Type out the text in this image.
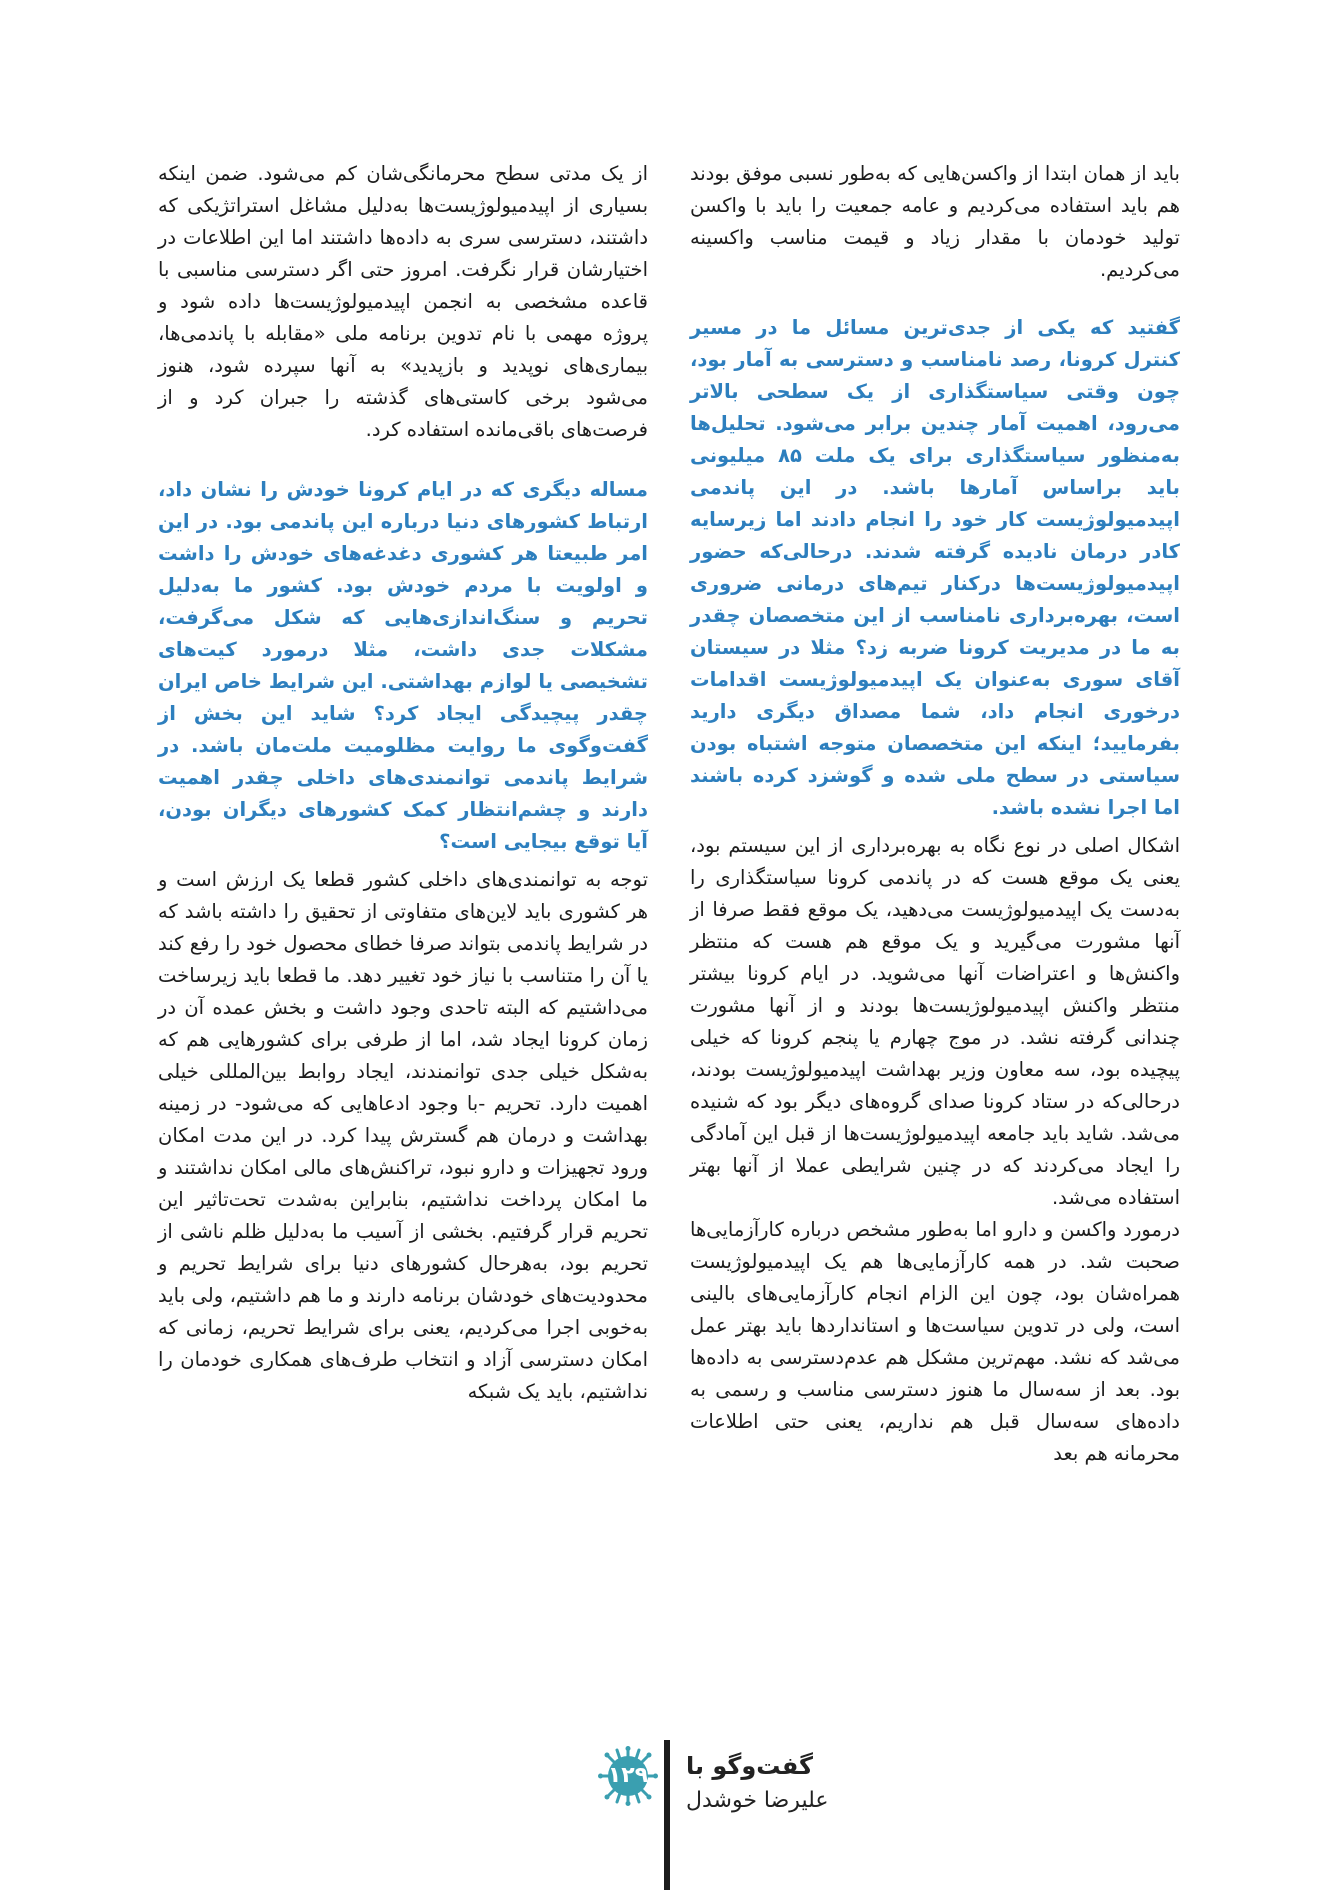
باید از همان ابتدا از واکسن‌هایی که به‌طور نسبی موفق بودند هم باید استفاده می‌کردیم و عامه جمعیت را باید با واکسن تولید خودمان با مقدار زیاد و قیمت مناسب واکسینه می‌کردیم.

گفتید که یکی از جدی‌ترین مسائل ما در مسیر کنترل کرونا، رصد نامناسب و دسترسی به آمار بود، چون وقتی سیاستگذاری از یک سطحی بالاتر می‌رود، اهمیت آمار چندین برابر می‌شود. تحلیل‌ها به‌منظور سیاستگذاری برای یک ملت ۸۵ میلیونی باید براساس آمارها باشد. در این پاندمی اپیدمیولوژیست کار خود را انجام دادند اما زیرسایه کادر درمان نادیده گرفته شدند. درحالی‌که حضور اپیدمیولوژیست‌ها درکنار تیم‌های درمانی ضروری است، بهره‌برداری نامناسب از این متخصصان چقدر به ما در مدیریت کرونا ضربه زد؟ مثلا در سیستان آقای سوری به‌عنوان یک اپیدمیولوژیست اقدامات درخوری انجام داد، شما مصداق دیگری دارید بفرمایید؛ اینکه این متخصصان متوجه اشتباه بودن سیاستی در سطح ملی شده و گوشزد کرده باشند اما اجرا نشده باشد.

اشکال اصلی در نوع نگاه به بهره‌برداری از این سیستم بود، یعنی یک موقع هست که در پاندمی کرونا سیاستگذاری را به‌دست یک اپیدمیولوژیست می‌دهید، یک موقع فقط صرفا از آنها مشورت می‌گیرید و یک موقع هم هست که منتظر واکنش‌ها و اعتراضات آنها می‌شوید. در ایام کرونا بیشتر منتظر واکنش اپیدمیولوژیست‌ها بودند و از آنها مشورت چندانی گرفته نشد. در موج چهارم یا پنجم کرونا که خیلی پیچیده بود، سه معاون وزیر بهداشت اپیدمیولوژیست بودند، درحالی‌که در ستاد کرونا صدای گروه‌های دیگر بود که شنیده می‌شد. شاید باید جامعه اپیدمیولوژیست‌ها از قبل این آمادگی را ایجاد می‌کردند که در چنین شرایطی عملا از آنها بهتر استفاده می‌شد.

درمورد واکسن و دارو اما به‌طور مشخص درباره کارآزمایی‌ها صحبت شد. در همه کارآزمایی‌ها هم یک اپیدمیولوژیست همراه‌شان بود، چون این الزام انجام کارآزمایی‌های بالینی است، ولی در تدوین سیاست‌ها و استانداردها باید بهتر عمل می‌شد که نشد. مهم‌ترین مشکل هم عدم‌دسترسی به داده‌ها بود. بعد از سه‌سال ما هنوز دسترسی مناسب و رسمی به داده‌های سه‌سال قبل هم نداریم، یعنی حتی اطلاعات محرمانه هم بعد

از یک مدتی سطح محرمانگی‌شان کم می‌شود. ضمن اینکه بسیاری از اپیدمیولوژیست‌ها به‌دلیل مشاغل استراتژیکی که داشتند، دسترسی سری به داده‌ها داشتند اما این اطلاعات در اختیارشان قرار نگرفت. امروز حتی اگر دسترسی مناسبی با قاعده مشخصی به انجمن اپیدمیولوژیست‌ها داده شود و پروژه مهمی با نام تدوین برنامه ملی «مقابله با پاندمی‌ها، بیماری‌های نوپدید و بازپدید» به آنها سپرده شود، هنوز می‌شود برخی کاستی‌های گذشته را جبران کرد و از فرصت‌های باقی‌مانده استفاده کرد.

مساله دیگری که در ایام کرونا خودش را نشان داد، ارتباط کشورهای دنیا درباره این پاندمی بود. در این امر طبیعتا هر کشوری دغدغه‌های خودش را داشت و اولویت با مردم خودش بود. کشور ما به‌دلیل تحریم و سنگ‌اندازی‌هایی که شکل می‌گرفت، مشکلات جدی داشت، مثلا درمورد کیت‌های تشخیصی یا لوازم بهداشتی. این شرایط خاص ایران چقدر پیچیدگی ایجاد کرد؟ شاید این بخش از گفت‌وگوی ما روایت مظلومیت ملت‌مان باشد. در شرایط پاندمی توانمندی‌های داخلی چقدر اهمیت دارند و چشم‌انتظار کمک کشورهای دیگران بودن، آیا توقع بیجایی است؟

توجه به توانمندی‌های داخلی کشور قطعا یک ارزش است و هر کشوری باید لاین‌های متفاوتی از تحقیق را داشته باشد که در شرایط پاندمی بتواند صرفا خطای محصول خود را رفع کند یا آن را متناسب با نیاز خود تغییر دهد. ما قطعا باید زیرساخت می‌داشتیم که البته تاحدی وجود داشت و بخش عمده آن در زمان کرونا ایجاد شد، اما از طرفی برای کشورهایی هم که به‌شکل خیلی جدی توانمندند، ایجاد روابط بین‌المللی خیلی اهمیت دارد. تحریم -با وجود ادعاهایی که می‌شود- در زمینه بهداشت و درمان هم گسترش پیدا کرد. در این مدت امکان ورود تجهیزات و دارو نبود، تراکنش‌های مالی امکان نداشتند و ما امکان پرداخت نداشتیم، بنابراین به‌شدت تحت‌تاثیر این تحریم قرار گرفتیم. بخشی از آسیب ما به‌دلیل ظلم ناشی از تحریم بود، به‌هرحال کشورهای دنیا برای شرایط تحریم و محدودیت‌های خودشان برنامه دارند و ما هم داشتیم، ولی باید به‌خوبی اجرا می‌کردیم، یعنی برای شرایط تحریم، زمانی که امکان دسترسی آزاد و انتخاب طرف‌های همکاری خودمان را نداشتیم، باید یک شبکه

۱۲۹	گفت‌وگو با
علیرضا خوشدل
